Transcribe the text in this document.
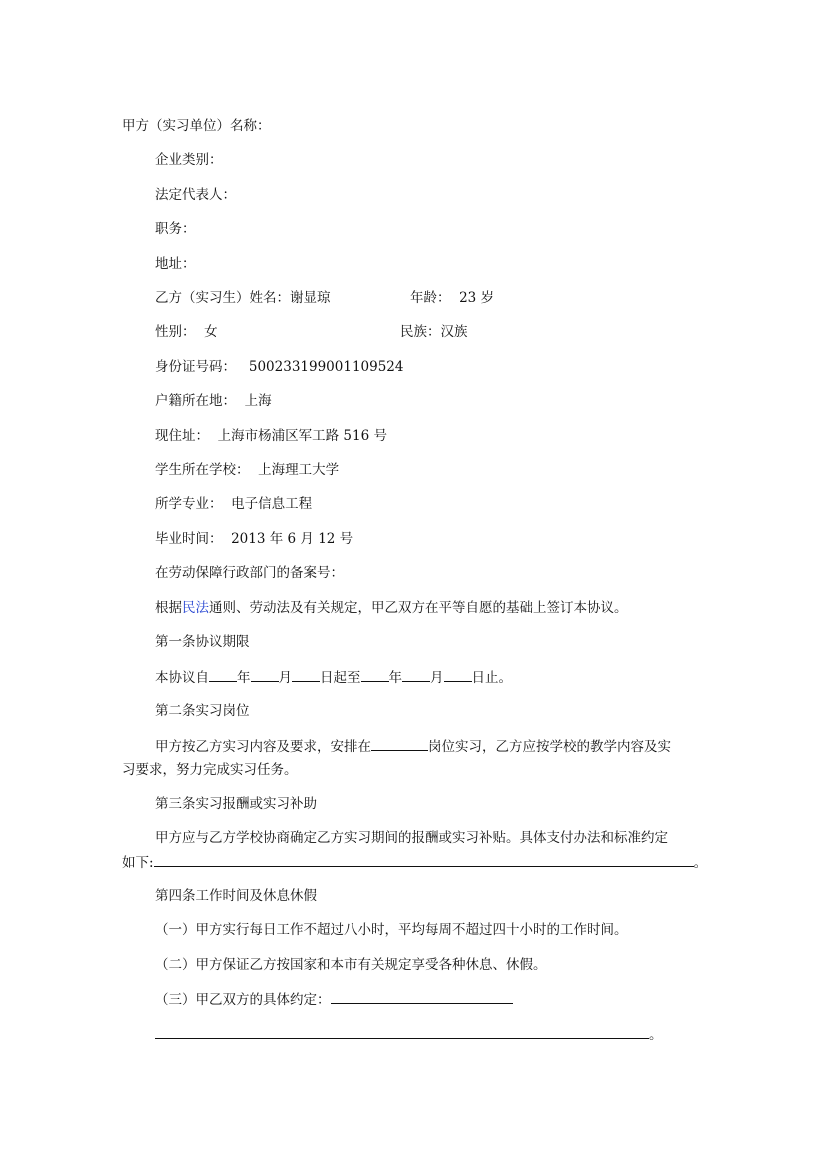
甲方（实习单位）名称：
企业类别：
法定代表人：
职务：
地址：
乙方（实习生）姓名：谢显琼	年龄： 23 岁
性别： 女	民族：汉族
身份证号码： 500233199001109524
户籍所在地： 上海
现住址： 上海市杨浦区军工路 516 号
学生所在学校： 上海理工大学
所学专业： 电子信息工程
毕业时间： 2013 年 6 月 12 号
在劳动保障行政部门的备案号：
根据民法通则、劳动法及有关规定，甲乙双方在平等自愿的基础上签订本协议。
第一条协议期限
本协议自 年 月 日起至 年 月 日止。
第二条实习岗位
甲方按乙方实习内容及要求，安排在	岗位实习，乙方应按学校的教学内容及实
习要求，努力完成实习任务。
第三条实习报酬或实习补助
甲方应与乙方学校协商确定乙方实习期间的报酬或实习补贴。具体支付办法和标准约定
如下:	。
第四条工作时间及休息休假
（一）甲方实行每日工作不超过八小时，平均每周不超过四十小时的工作时间。
（二）甲方保证乙方按国家和本市有关规定享受各种休息、休假。
（三）甲乙双方的具体约定：
。
